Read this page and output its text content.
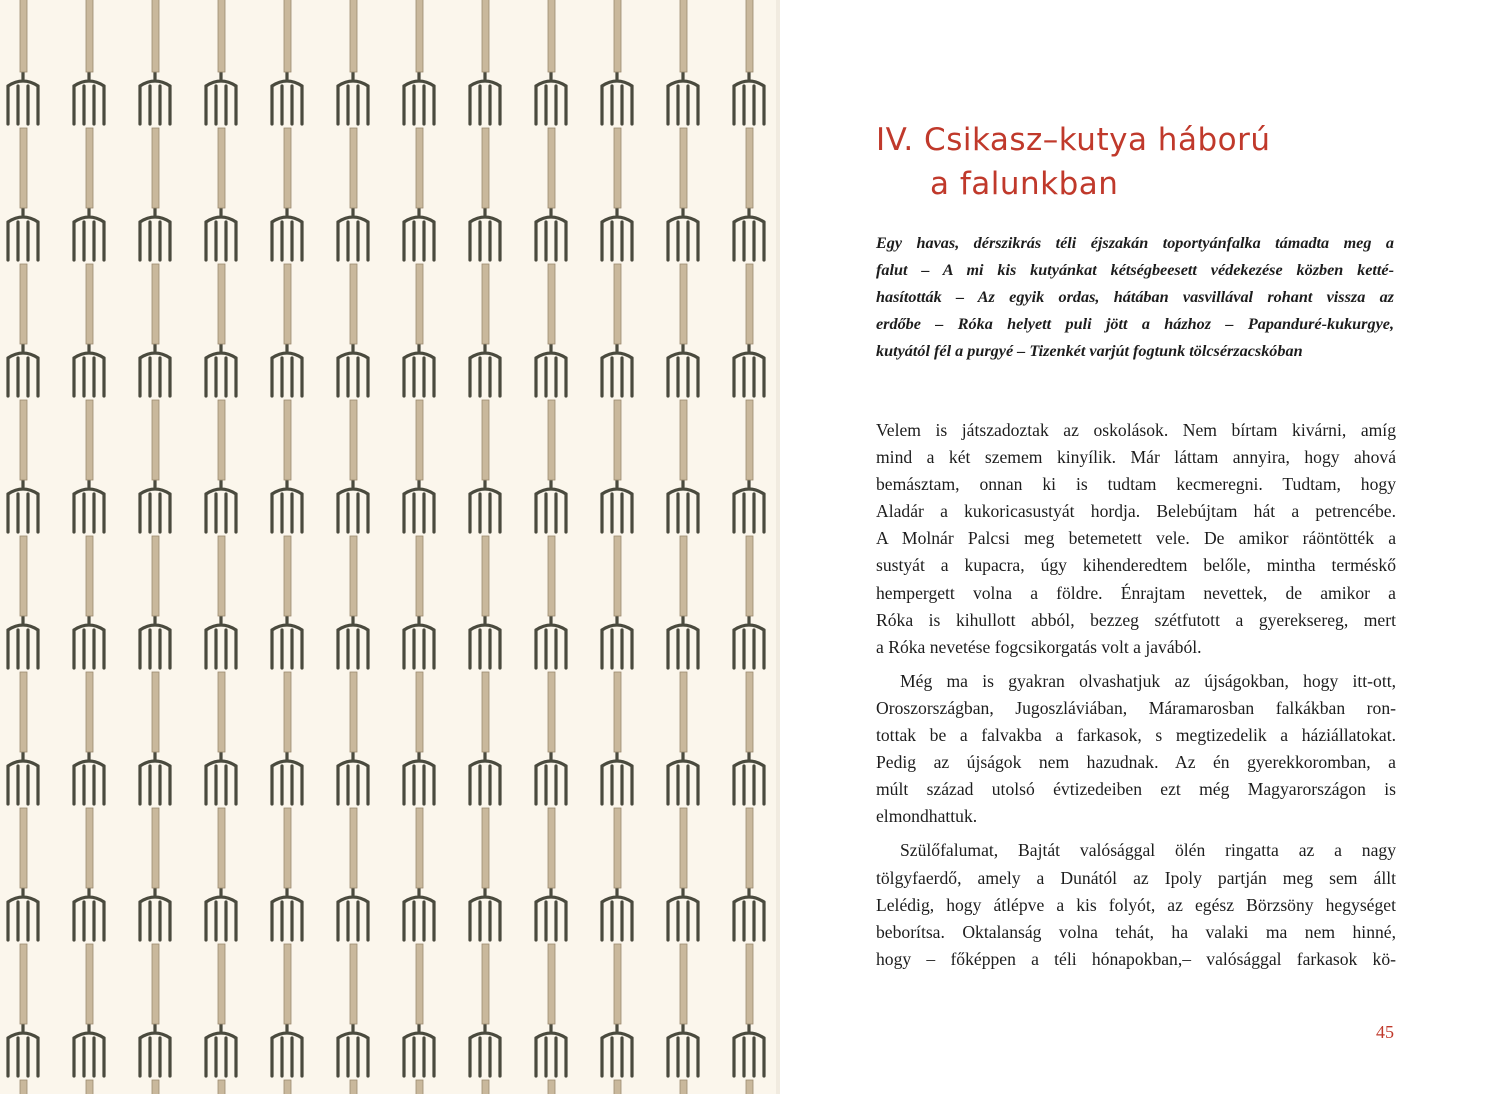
IV. Csikasz–kutya háború
a falunkban
Egy havas, dérszikrás téli éjszakán toportyánfalka támadta meg a
falut – A mi kis kutyánkat kétségbeesett védekezése közben ketté-
hasították – Az egyik ordas, hátában vasvillával rohant vissza az
erdőbe – Róka helyett puli jött a házhoz – Papanduré-kukurgye,
kutyától fél a purgyé – Tizenkét varjút fogtunk tölcsérzacskóban

Velem is játszadoztak az oskolások. Nem bírtam kivárni, amíg
mind a két szemem kinyílik. Már láttam annyira, hogy ahová
bemásztam, onnan ki is tudtam kecmeregni. Tudtam, hogy
Aladár a kukoricasustyát hordja. Belebújtam hát a petrencébe.
A Molnár Palcsi meg betemetett vele. De amikor ráöntötték a
sustyát a kupacra, úgy kihenderedtem belőle, mintha terméskő
hempergett volna a földre. Énrajtam nevettek, de amikor a
Róka is kihullott abból, bezzeg szétfutott a gyereksereg, mert
a Róka nevetése fogcsikorgatás volt a javából.

Még ma is gyakran olvashatjuk az újságokban, hogy itt-ott,
Oroszországban, Jugoszláviában, Máramarosban falkákban ron-
tottak be a falvakba a farkasok, s megtizedelik a háziállatokat.
Pedig az újságok nem hazudnak. Az én gyerekkoromban, a
múlt század utolsó évtizedeiben ezt még Magyarországon is
elmondhattuk.

Szülőfalumat, Bajtát valósággal ölén ringatta az a nagy
tölgyfaerdő, amely a Dunától az Ipoly partján meg sem állt
Lelédig, hogy átlépve a kis folyót, az egész Börzsöny hegységet
beborítsa. Oktalanság volna tehát, ha valaki ma nem hinné,
hogy – főképpen a téli hónapokban,– valósággal farkasok kö-

45
